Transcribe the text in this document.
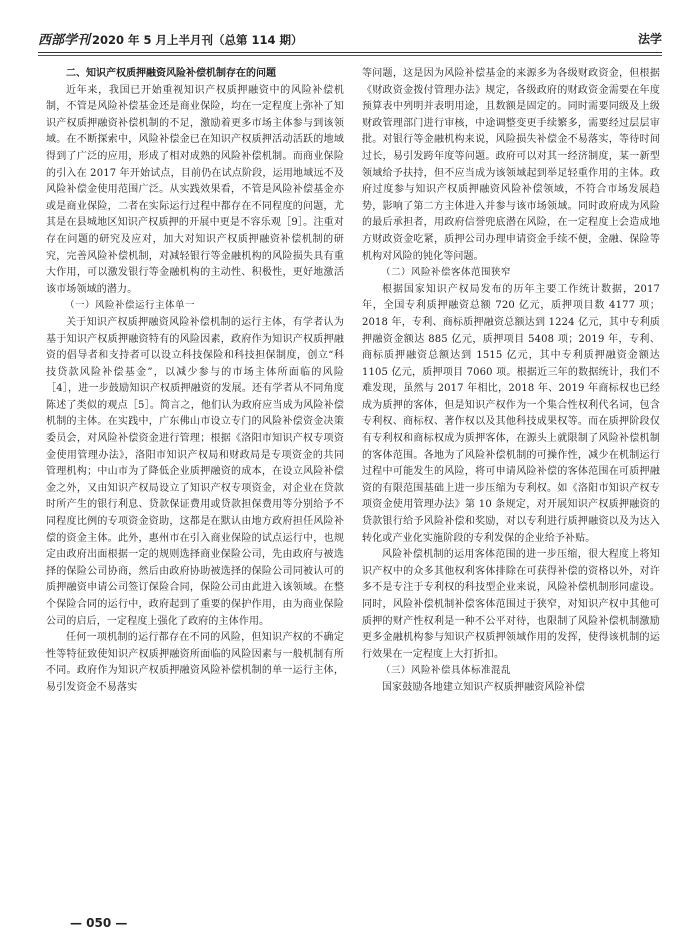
西部学刊 2020 年 5 月上半月刊（总第 114 期）	法学
二、知识产权质押融资风险补偿机制存在的问题

近年来，我国已开始重视知识产权质押融资中的风险补偿机制，不管是风险补偿基金还是商业保险，均在一定程度上弥补了知识产权质押融资补偿机制的不足，激励着更多市场主体参与到该领域。在不断探索中，风险补偿金已在知识产权质押活动活跃的地域得到了广泛的应用，形成了相对成熟的风险补偿机制。而商业保险的引入在 2017 年开始试点，目前仍在试点阶段，运用地域远不及风险补偿金使用范围广泛。从实践效果看，不管是风险补偿基金亦或是商业保险，二者在实际运行过程中都存在不同程度的问题，尤其是在县城地区知识产权质押的开展中更是不容乐观［9］。注重对存在问题的研究及应对，加大对知识产权质押融资补偿机制的研究，完善风险补偿机制，对减轻银行等金融机构的风险损失具有重大作用，可以激发银行等金融机构的主动性、积极性，更好地激活该市场领域的潜力。

（一）风险补偿运行主体单一

关于知识产权质押融资风险补偿机制的运行主体，有学者认为基于知识产权质押融资特有的风险因素，政府作为知识产权质押融资的倡导者和支持者可以设立科技保险和科技担保制度，创立“科技贷款风险补偿基金”，以减少参与的市场主体所面临的风险［4］，进一步鼓励知识产权质押融资的发展。还有学者从不同角度陈述了类似的观点［5］。简言之，他们认为政府应当成为风险补偿机制的主体。在实践中，广东佛山市设立专门的风险补偿资金决策委员会，对风险补偿资金进行管理；根据《洛阳市知识产权专项资金使用管理办法》，洛阳市知识产权局和财政局是专项资金的共同管理机构；中山市为了降低企业质押融资的成本，在设立风险补偿金之外，又由知识产权局设立了知识产权专项资金，对企业在贷款时所产生的银行利息、贷款保证费用或贷款担保费用等分别给予不同程度比例的专项资金资助，这都是在默认由地方政府担任风险补偿的资金主体。此外，惠州市在引入商业保险的试点运行中，也规定由政府出面根据一定的规则选择商业保险公司，先由政府与被选择的保险公司协商，然后由政府协助被选择的保险公司同被认可的质押融资申请公司签订保险合同，保险公司由此进入该领域。在整个保险合同的运行中，政府起到了重要的保护作用，由为商业保险公司的启后，一定程度上强化了政府的主体作用。

任何一项机制的运行都存在不同的风险，但知识产权的不确定性等特征致使知识产权质押融资所面临的风险因素与一般机制有所不同。政府作为知识产权质押融资风险补偿机制的单一运行主体，易引发资金不易落实

等问题，这是因为风险补偿基金的来源多为各级财政资金，但根据《财政资金拨付管理办法》规定，各级政府的财政资金需要在年度预算表中列明并表明用途，且数额是固定的。同时需要同级及上级财政管理部门进行审核，中途调整变更手续繁多，需要经过层层审批。对银行等金融机构来说，风险损失补偿金不易落实，等待时间过长，易引发跨年度等问题。政府可以对其一经济制度，某一新型领域给予扶持，但不应当成为该领域起到举足轻重作用的主体。政府过度参与知识产权质押融资风险补偿领域，不符合市场发展趋势，影响了第二方主体进入并参与该市场领域。同时政府成为风险的最后承担者，用政府信誉兜底潜在风险，在一定程度上会造成地方财政资金吃紧，质押公司办理申请资金手续不便，金融、保险等机构对风险的钝化等问题。

（二）风险补偿客体范围狭窄

根据国家知识产权局发布的历年主要工作统计数据，2017 年，全国专利质押融资总额 720 亿元，质押项目数 4177 项；2018 年，专利、商标质押融资总额达到 1224 亿元，其中专利质押融资金额达 885 亿元，质押项目 5408 项；2019 年，专利、商标质押融资总额达到 1515 亿元，其中专利质押融资金额达 1105 亿元，质押项目 7060 项。根据近三年的数据统计，我们不难发现，虽然与 2017 年相比，2018 年、2019 年商标权也已经成为质押的客体，但是知识产权作为一个集合性权利代名词，包含专利权、商标权、著作权以及其他科技成果权等。而在质押阶段仅有专利权和商标权成为质押客体，在源头上就限制了风险补偿机制的客体范围。各地为了风险补偿机制的可操作性，减少在机制运行过程中可能发生的风险，将可申请风险补偿的客体范围在可质押融资的有限范围基础上进一步压缩为专利权。如《洛阳市知识产权专项资金使用管理办法》第 10 条规定，对开展知识产权质押融资的贷款银行给予风险补偿和奖励，对以专利进行质押融资以及为达入转化或产业化实施阶段的专利发保的企业给予补贴。

风险补偿机制的运用客体范围的进一步压缩，很大程度上将知识产权中的众多其他权利客体排除在可获得补偿的资格以外，对许多不是专注于专利权的科技型企业来说，风险补偿机制形同虚设。同时，风险补偿机制补偿客体范围过于狭窄，对知识产权中其他可质押的财产性权利是一种不公平对待，也限制了风险补偿机制激励更多金融机构参与知识产权质押领域作用的发挥，使得该机制的运行效果在一定程度上大打折扣。

（三）风险补偿具体标准混乱

国家鼓励各地建立知识产权质押融资风险补偿

— 050 —
